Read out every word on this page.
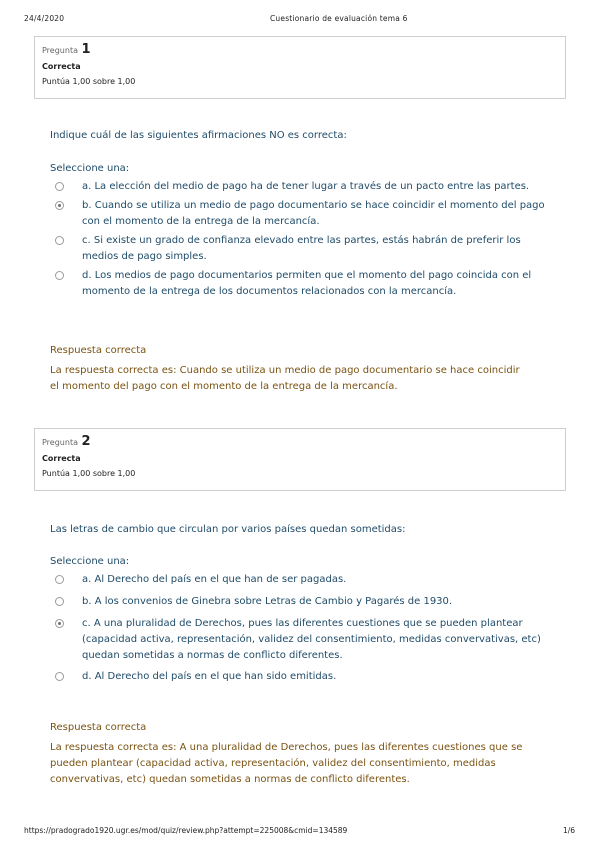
24/4/2020	Cuestionario de evaluación tema 6
Pregunta 1
Correcta
Puntúa 1,00 sobre 1,00
Indique cuál de las siguientes afirmaciones NO es correcta:
Seleccione una:
a. La elección del medio de pago ha de tener lugar a través de un pacto entre las partes.
b. Cuando se utiliza un medio de pago documentario se hace coincidir el momento del pago con el momento de la entrega de la mercancía.
c. Si existe un grado de confianza elevado entre las partes, estás habrán de preferir los medios de pago simples.
d. Los medios de pago documentarios permiten que el momento del pago coincida con el momento de la entrega de los documentos relacionados con la mercancía.
Respuesta correcta
La respuesta correcta es: Cuando se utiliza un medio de pago documentario se hace coincidir el momento del pago con el momento de la entrega de la mercancía.
Pregunta 2
Correcta
Puntúa 1,00 sobre 1,00
Las letras de cambio que circulan por varios países quedan sometidas:
Seleccione una:
a. Al Derecho del país en el que han de ser pagadas.
b. A los convenios de Ginebra sobre Letras de Cambio y Pagarés de 1930.
c. A una pluralidad de Derechos, pues las diferentes cuestiones que se pueden plantear (capacidad activa, representación, validez del consentimiento, medidas convervativas, etc) quedan sometidas a normas de conflicto diferentes.
d. Al Derecho del país en el que han sido emitidas.
Respuesta correcta
La respuesta correcta es: A una pluralidad de Derechos, pues las diferentes cuestiones que se pueden plantear (capacidad activa, representación, validez del consentimiento, medidas convervativas, etc) quedan sometidas a normas de conflicto diferentes.
https://pradogrado1920.ugr.es/mod/quiz/review.php?attempt=225008&cmid=134589	1/6
